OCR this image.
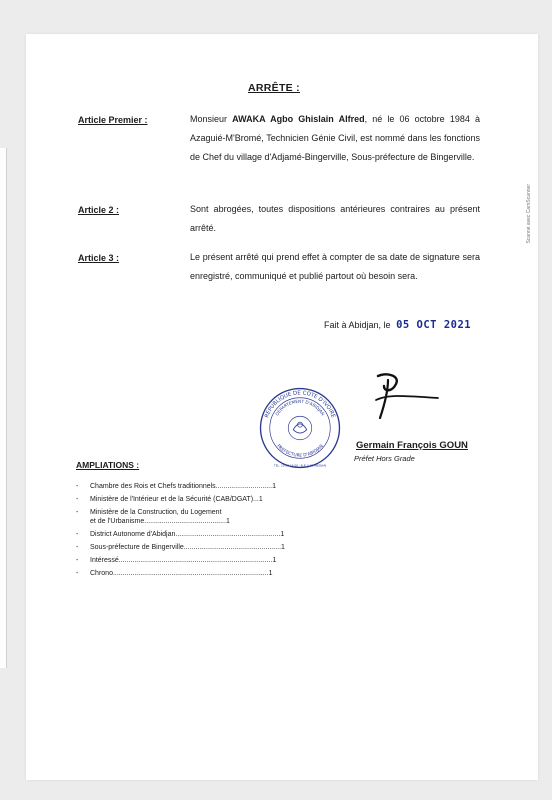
Scanné avec CamScanner
ARRÊTE :
Article Premier :	Monsieur AWAKA Agbo Ghislain Alfred, né le 06 octobre 1984 à Azaguié-M'Bromé, Technicien Génie Civil, est nommé dans les fonctions de Chef du village d'Adjamé-Bingerville, Sous-préfecture de Bingerville.
Article 2 :	Sont abrogées, toutes dispositions antérieures contraires au présent arrêté.
Article 3 :	Le présent arrêté qui prend effet à compter de sa date de signature sera enregistré, communiqué et publié partout où besoin sera.
Fait à Abidjan, le 05 OCT 2021
REPUBLIQUE DE COTE D'IVOIRE
DEPARTEMENT D'ABIDJAN
PREFECTURE D'ABIDJAN
TEL. 20 22 14 00 - B.P. V 85 ABIDJAN
Germain François GOUN
Préfet Hors Grade
AMPLIATIONS :
- Chambre des Rois et Chefs traditionnels.............................1
- Ministère de l'Intérieur et de la Sécurité (CAB/DGAT)...1
- Ministère de la Construction, du Logement
et de l'Urbanisme..........................................1
- District Autonome d'Abidjan......................................................1
- Sous-préfecture de Bingerville..................................................1
- Intéressé...............................................................................1
- Chrono................................................................................1
